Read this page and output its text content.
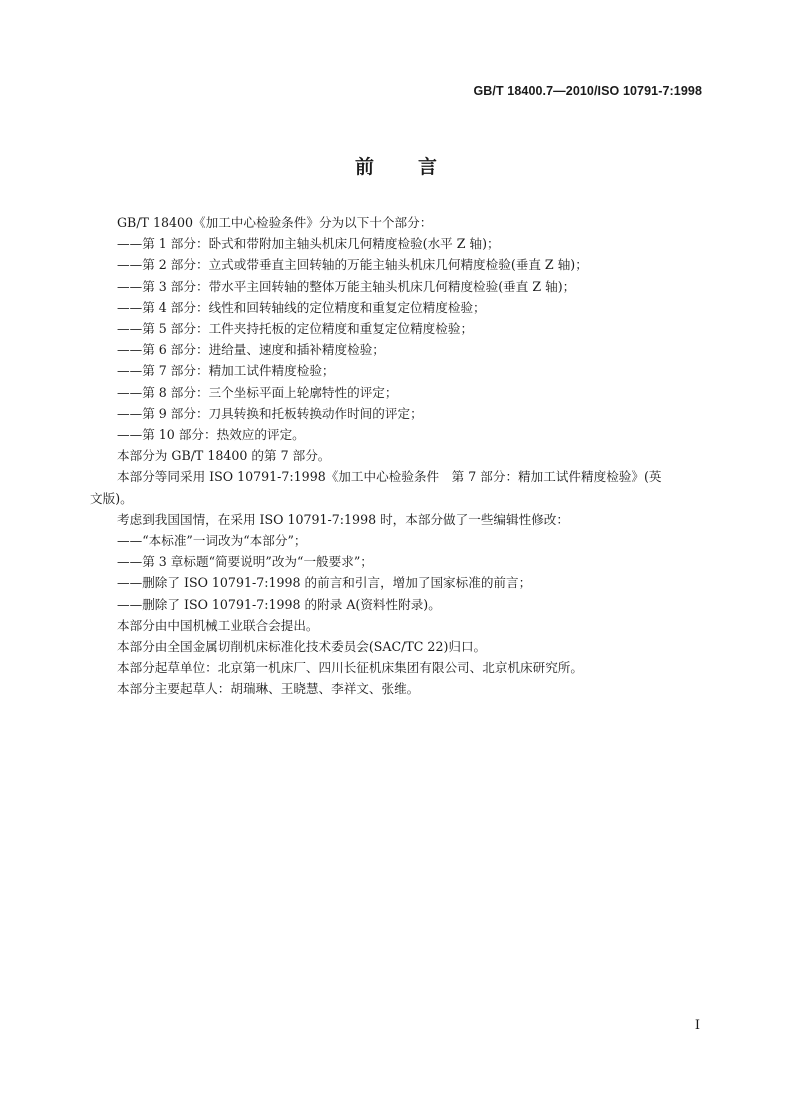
GB/T 18400.7—2010/ISO 10791-7:1998
前言

GB/T 18400《加工中心检验条件》分为以下十个部分：

——第 1 部分：卧式和带附加主轴头机床几何精度检验(水平 Z 轴)；

——第 2 部分：立式或带垂直主回转轴的万能主轴头机床几何精度检验(垂直 Z 轴)；

——第 3 部分：带水平主回转轴的整体万能主轴头机床几何精度检验(垂直 Z 轴)；

——第 4 部分：线性和回转轴线的定位精度和重复定位精度检验；

——第 5 部分：工件夹持托板的定位精度和重复定位精度检验；

——第 6 部分：进给量、速度和插补精度检验；

——第 7 部分：精加工试件精度检验；

——第 8 部分：三个坐标平面上轮廓特性的评定；

——第 9 部分：刀具转换和托板转换动作时间的评定；

——第 10 部分：热效应的评定。

本部分为 GB/T 18400 的第 7 部分。

本部分等同采用 ISO 10791-7:1998《加工中心检验条件　第 7 部分：精加工试件精度检验》(英

文版)。

考虑到我国国情，在采用 ISO 10791-7:1998 时，本部分做了一些编辑性修改：

——“本标准”一词改为“本部分”；

——第 3 章标题“简要说明”改为“一般要求”；

——删除了 ISO 10791-7:1998 的前言和引言，增加了国家标准的前言；

——删除了 ISO 10791-7:1998 的附录 A(资料性附录)。

本部分由中国机械工业联合会提出。

本部分由全国金属切削机床标准化技术委员会(SAC/TC 22)归口。

本部分起草单位：北京第一机床厂、四川长征机床集团有限公司、北京机床研究所。

本部分主要起草人：胡瑞琳、王晓慧、李祥文、张维。

I
